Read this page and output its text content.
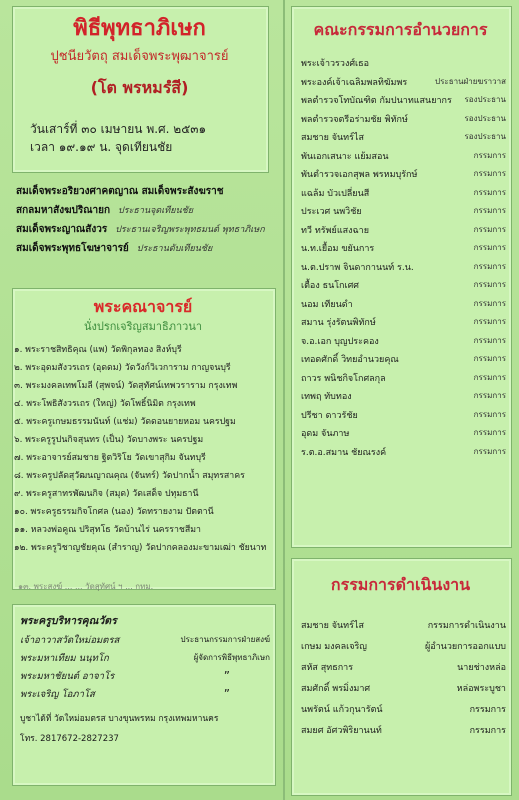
พิธีพุทธาภิเษก
ปูชนียวัตถุ สมเด็จพระพุฒาจารย์
(โต พรหมรํสี)
วันเสาร์ที่ ๓๐ เมษายน พ.ศ. ๒๕๓๑
เวลา ๑๙.๑๙ น. จุดเทียนชัย
สมเด็จพระอริยวงศาคตญาณ สมเด็จพระสังฆราช
สกลมหาสังฆปริณายก ประธานจุดเทียนชัย
สมเด็จพระญาณสังวร ประธานเจริญพระพุทธมนต์ พุทธาภิเษก
สมเด็จพระพุทธโฆษาจารย์ ประธานดับเทียนชัย
พระคณาจารย์
นั่งปรกเจริญสมาธิภาวนา
๑. พระราชสิทธิคุณ (แพ) วัดพิกุลทอง สิงห์บุรี
๒. พระอุดมสังวรเถร (อุดดม) วัดวังก์วิเวการาม กาญจนบุรี
๓. พระมงคลเทพโมลี (สุพจน์) วัดสุทัศน์เทพวราราม กรุงเทพ
๔. พระโพธิสังวรเถร (ใหญ่) วัดโพธิ์นิมิต กรุงเทพ
๕. พระครูเกษมธรรมนันท์ (แช่ม) วัดดอนยายหอม นครปฐม
๖. พระครูรูปนกิจสุนทร (เป็น) วัดบางพระ นครปฐม
๗. พระอาจารย์สมชาย ฐิตวิริโย วัดเขาสุกิม จันทบุรี
๘. พระครูปลัดสุวัฒนญาณคุณ (จันทร์) วัดปากน้ำ สมุทรสาคร
๙. พระครูสาทรพัฒนกิจ (สมุด) วัดเสด็จ ปทุมธานี
๑๐. พระครูธรรมกิจโกศล (นอง) วัดทรายงาม ปัตตานี
๑๑. หลวงพ่อคูณ ปริสุทโธ วัดบ้านไร่ นครราชสีมา
๑๒. พระครูวิชาญชัยคุณ (สำราญ) วัดปากคลองมะขามเฒ่า ชัยนาท
๑๓. พระสงฆ์ ... ... วัดสุทัศน์ ฯ ... กทม.
คณะกรรมการอำนวยการ
พระเจ้าวรวงศ์เธอ
พระองค์เจ้าเฉลิมพลทิฆัมพร	ประธานฝ่ายฆราวาส
พลตำรวจโทบัณฑิต กัมปนาทแสนยากร รองประธาน
พลตำรวจตรีอร่ามชัย พิทักษ์	รองประธาน
สมชาย จันทร์ไส	รองประธาน
พันเอกเสนาะ แย้มสอน	กรรมการ
พันตำรวจเอกสุพล พรหมบุรักษ์	กรรมการ
แฉล้ม บัวเปลี่ยนสี	กรรมการ
ประเวศ นพวิชัย	กรรมการ
ทวี ทรัพย์แสงฉาย	กรรมการ
น.ท.เยื้อม ขยันการ	กรรมการ
น.ต.ปราพ จินดากานนท์ ร.น.	กรรมการ
เตื้อง ธนโกเศศ	กรรมการ
นอม เทียนดำ	กรรมการ
สมาน รุ่งรัตนพิทักษ์	กรรมการ
จ.อ.เอก บุญประคอง	กรรมการ
เทอดศักดิ์ วิทยอำนวยคุณ	กรรมการ
ถาวร พนิชกิจโกศลกุล	กรรมการ
เทพฤ ทับทอง	กรรมการ
ปรีชา ดาวรัชัย	กรรมการ
อุดม จันภาษ	กรรมการ
ร.ต.อ.สมาน ชัยณรงค์	กรรมการ
กรรมการดำเนินงาน
สมชาย จันทร์ไส	กรรมการดำเนินงาน
เกษม มงคลเจริญ	ผู้อำนวยการออกแบบ
สหัส สุทธการ	นายช่างหล่อ
สมศักดิ์ พรมิ่งมาศ	หล่อพระบูชา
นพรัตน์ แก้วกุนารัตน์	กรรมการ
สมยศ อัศวพิริยานนท์	กรรมการ
พระครูบริหารคุณวัตร
เจ้าอาวาสวัดใหม่อมตรส	ประธานกรรมการฝ่ายสงฆ์
พระมหาเทียม นนฺทโก	ผู้จัดการพิธีพุทธาภิเษก
พระมหาชัยนต์ อาจาโร	”
พระเจริญ โอภาโส	”
บูชาได้ที่ วัดใหม่อมตรส บางขุนพรหม กรุงเทพมหานคร
โทร. 2817672-2827237
